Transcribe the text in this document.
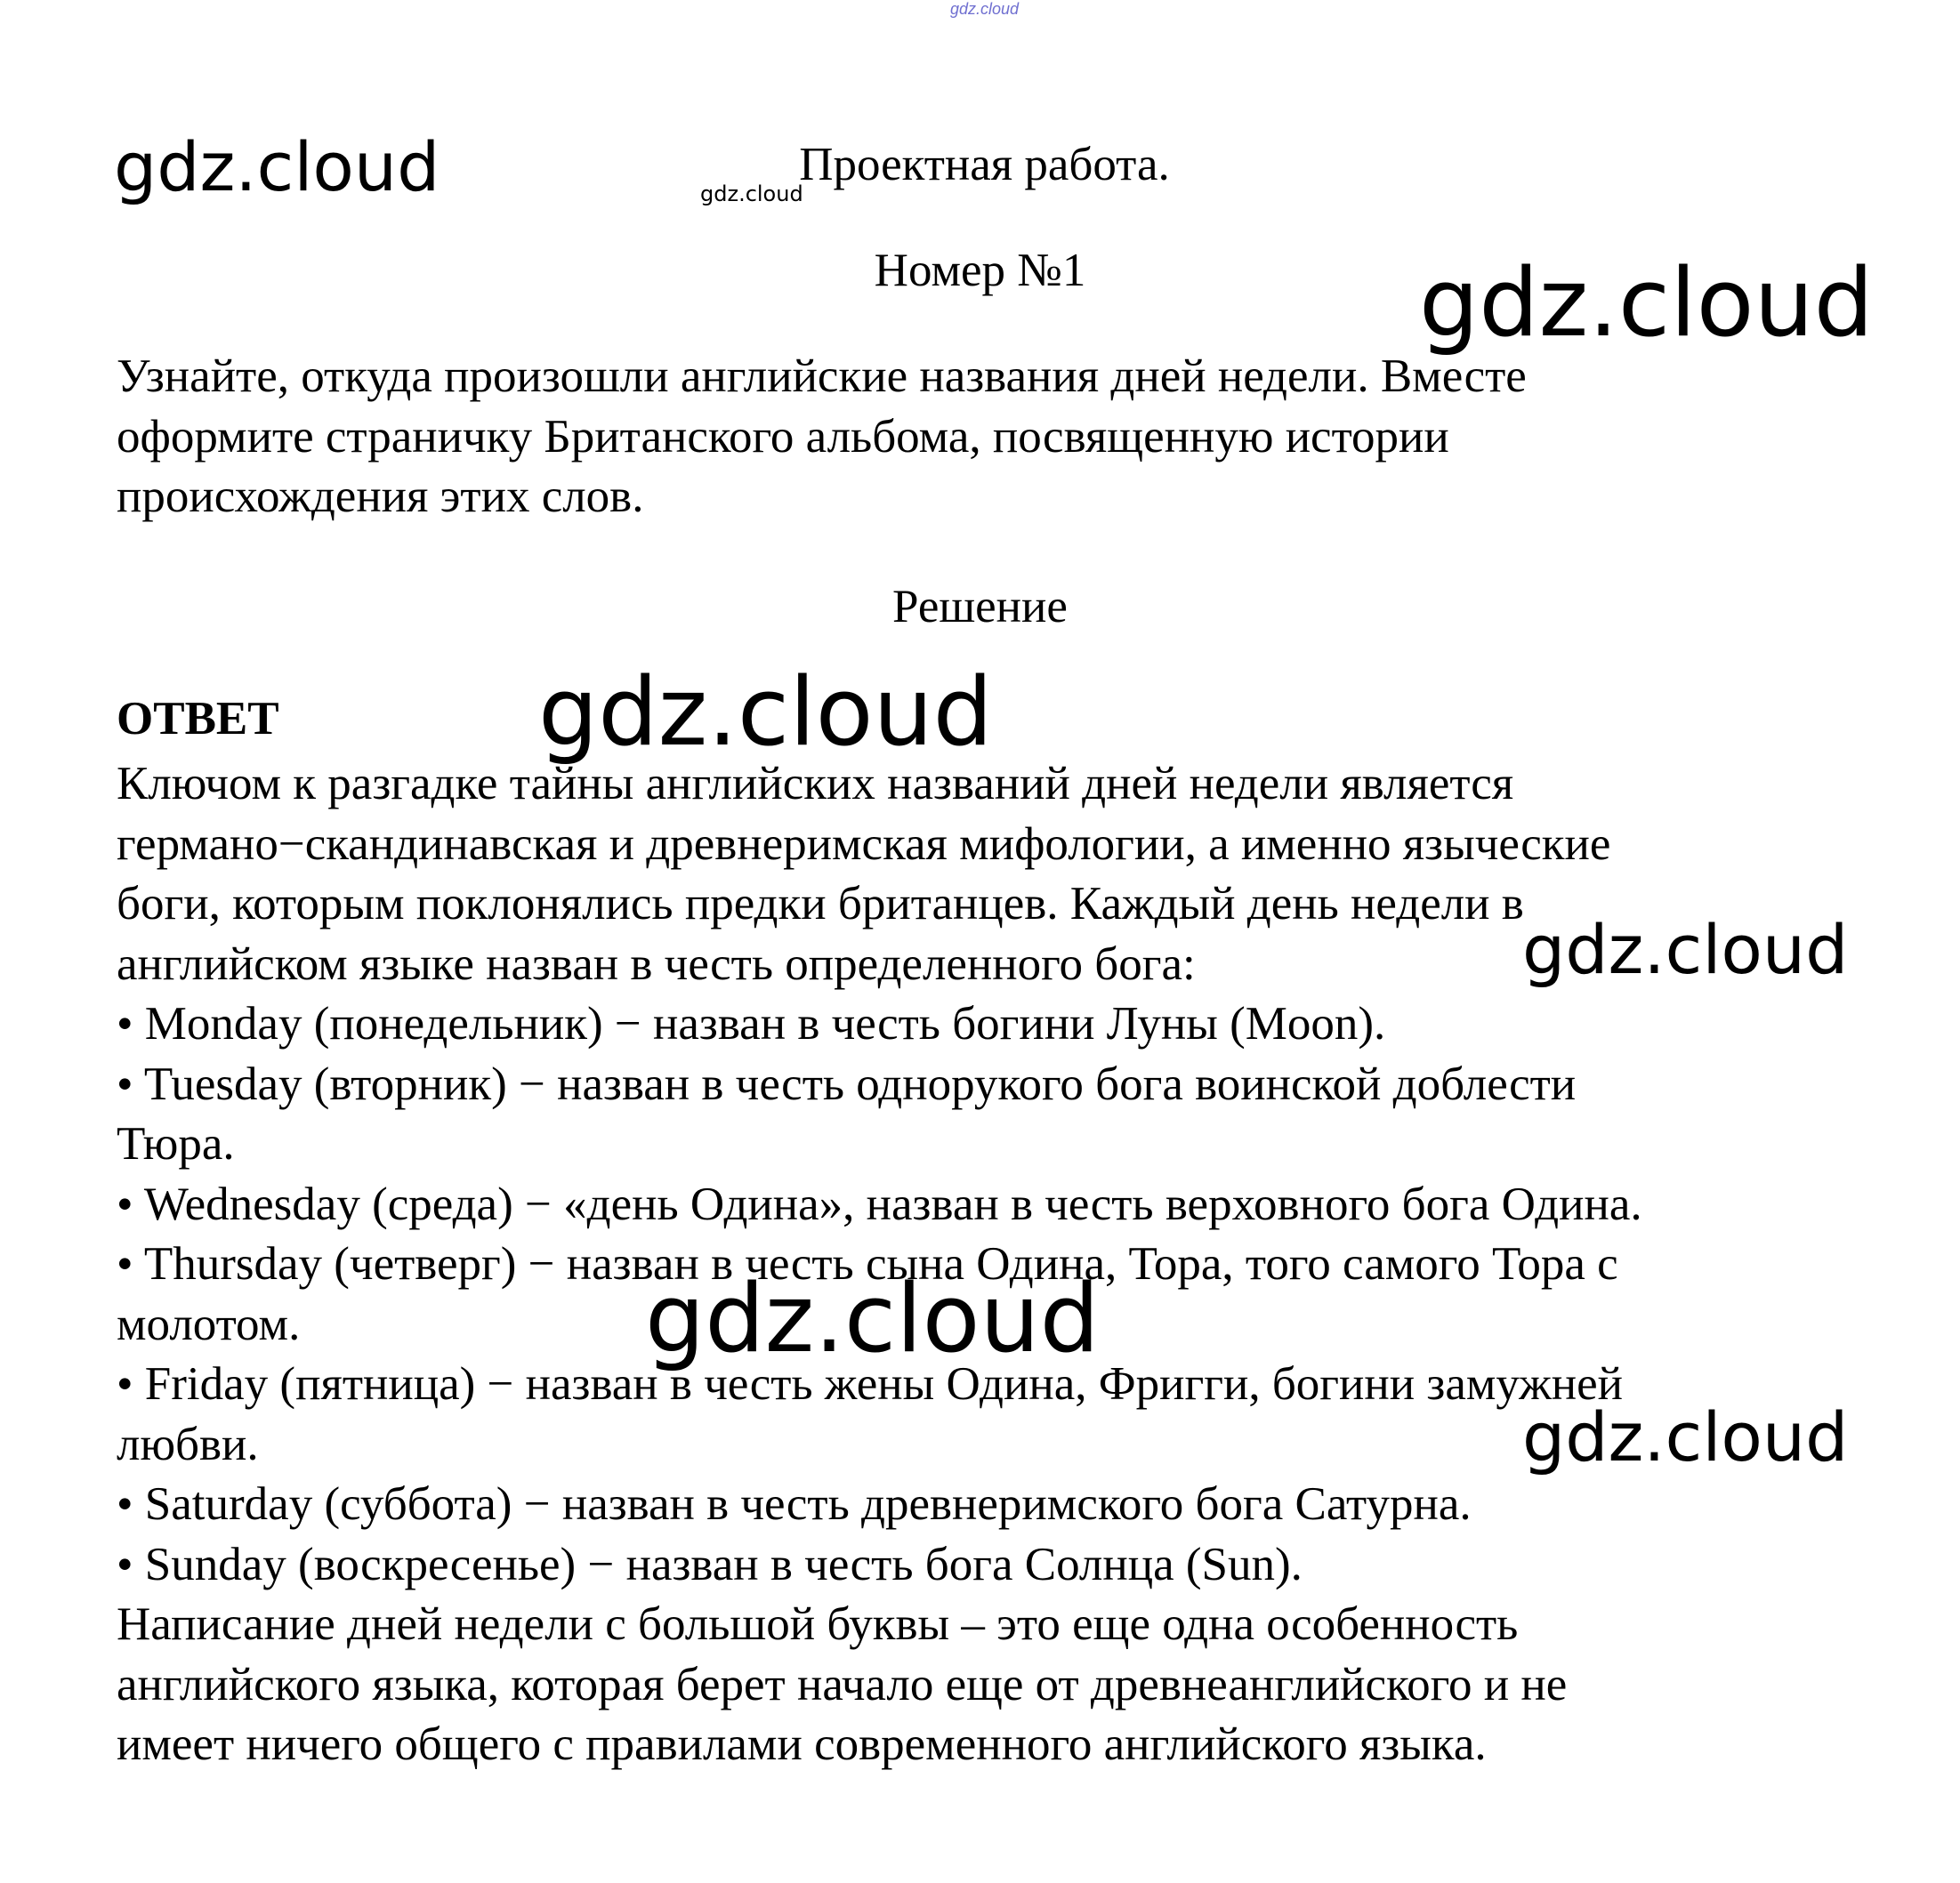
gdz.cloud
Проектная работа.
Номер №1
Узнайте, откуда произошли английские названия дней недели. Вместе
оформите страничку Британского альбома, посвященную истории
происхождения этих слов.
Решение
ОТВЕТ
Ключом к разгадке тайны английских названий дней недели является
германо−скандинавская и древнеримская мифологии, а именно языческие
боги, которым поклонялись предки британцев. Каждый день недели в
английском языке назван в честь определенного бога:
• Monday (понедельник) − назван в честь богини Луны (Moon).
• Tuesday (вторник) − назван в честь однорукого бога воинской доблести
Тюра.
• Wednesday (среда) − «день Одина», назван в честь верховного бога Одина.
• Thursday (четверг) − назван в честь сына Одина, Тора, того самого Тора с
молотом.
• Friday (пятница) − назван в честь жены Одина, Фригги, богини замужней
любви.
• Saturday (суббота) − назван в честь древнеримского бога Сатурна.
• Sunday (воскресенье) − назван в честь бога Солнца (Sun).
Написание дней недели с большой буквы – это еще одна особенность
английского языка, которая берет начало еще от древнеанглийского и не
имеет ничего общего с правилами современного английского языка.
gdz.cloud	gdz.cloud
gdz.cloud
gdz.cloud
gdz.cloud
gdz.cloud
gdz.cloud
